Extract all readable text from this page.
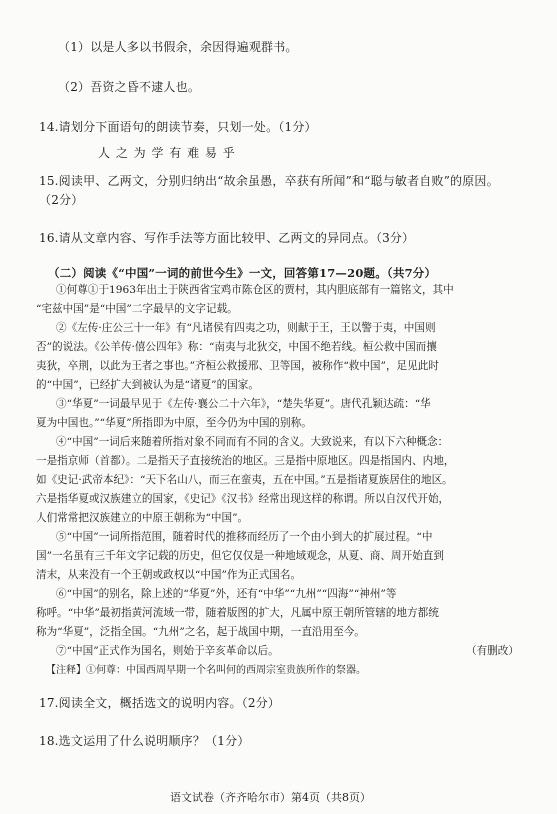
（1）以是人多以书假余，余因得遍观群书。
（2）吾资之昏不逮人也。
14.请划分下面语句的朗读节奏，只划一处。（1分）
人 之 为 学 有 难 易 乎
15.阅读甲、乙两文，分别归纳出“故余虽愚，卒获有所闻”和“聪与敏者自败”的原因。
（2分）
16.请从文章内容、写作手法等方面比较甲、乙两文的异同点。（3分）
（二）阅读《“中国”一词的前世今生》一文，回答第17—20题。（共7分）
①何尊①于1963年出土于陕西省宝鸡市陈仓区的贾村，其内胆底部有一篇铭文，其中
“宅兹中国”是“中国”二字最早的文字记载。
②《左传·庄公三十一年》有“凡诸侯有四夷之功，则献于王，王以警于夷，中国则
否”的说法。《公羊传·僖公四年》称：“南夷与北狄交，中国不绝若线。桓公救中国而攘
夷狄，卒荆，以此为王者之事也。”齐桓公救援邢、卫等国，被称作“救中国”，足见此时
的“中国”，已经扩大到被认为是“诸夏”的国家。
③“华夏”一词最早见于《左传·襄公二十六年》，“楚失华夏”。唐代孔颖达疏：“华
夏为中国也。”“华夏”所指即为中原，至今仍为中国的别称。
④“中国”一词后来随着所指对象不同而有不同的含义。大致说来，有以下六种概念：
一是指京师（首都）。二是指天子直接统治的地区。三是指中原地区。四是指国内、内地，
如《史记·武帝本纪》：“天下名山八，而三在蛮夷，五在中国。”五是指诸夏族居住的地区。
六是指华夏或汉族建立的国家，《史记》《汉书》经常出现这样的称谓。所以自汉代开始，
人们常常把汉族建立的中原王朝称为“中国”。
⑤“中国”一词所指范围，随着时代的推移而经历了一个由小到大的扩展过程。“中
国”一名虽有三千年文字记载的历史，但它仅仅是一种地域观念，从夏、商、周开始直到
清末，从来没有一个王朝或政权以“中国”作为正式国名。
⑥“中国”的别名，除上述的“华夏”外，还有“中华”“九州”“四海”“神州”等
称呼。“中华”最初指黄河流域一带，随着版图的扩大，凡属中原王朝所管辖的地方都统
称为“华夏”，泛指全国。“九州”之名，起于战国中期，一直沿用至今。
⑦“中国”正式作为国名，则始于辛亥革命以后。	（有删改）
【注释】①何尊：中国西周早期一个名叫何的西周宗室贵族所作的祭器。
17.阅读全文，概括选文的说明内容。（2分）
18.选文运用了什么说明顺序？（1分）
语文试卷（齐齐哈尔市）第4页（共8页）
